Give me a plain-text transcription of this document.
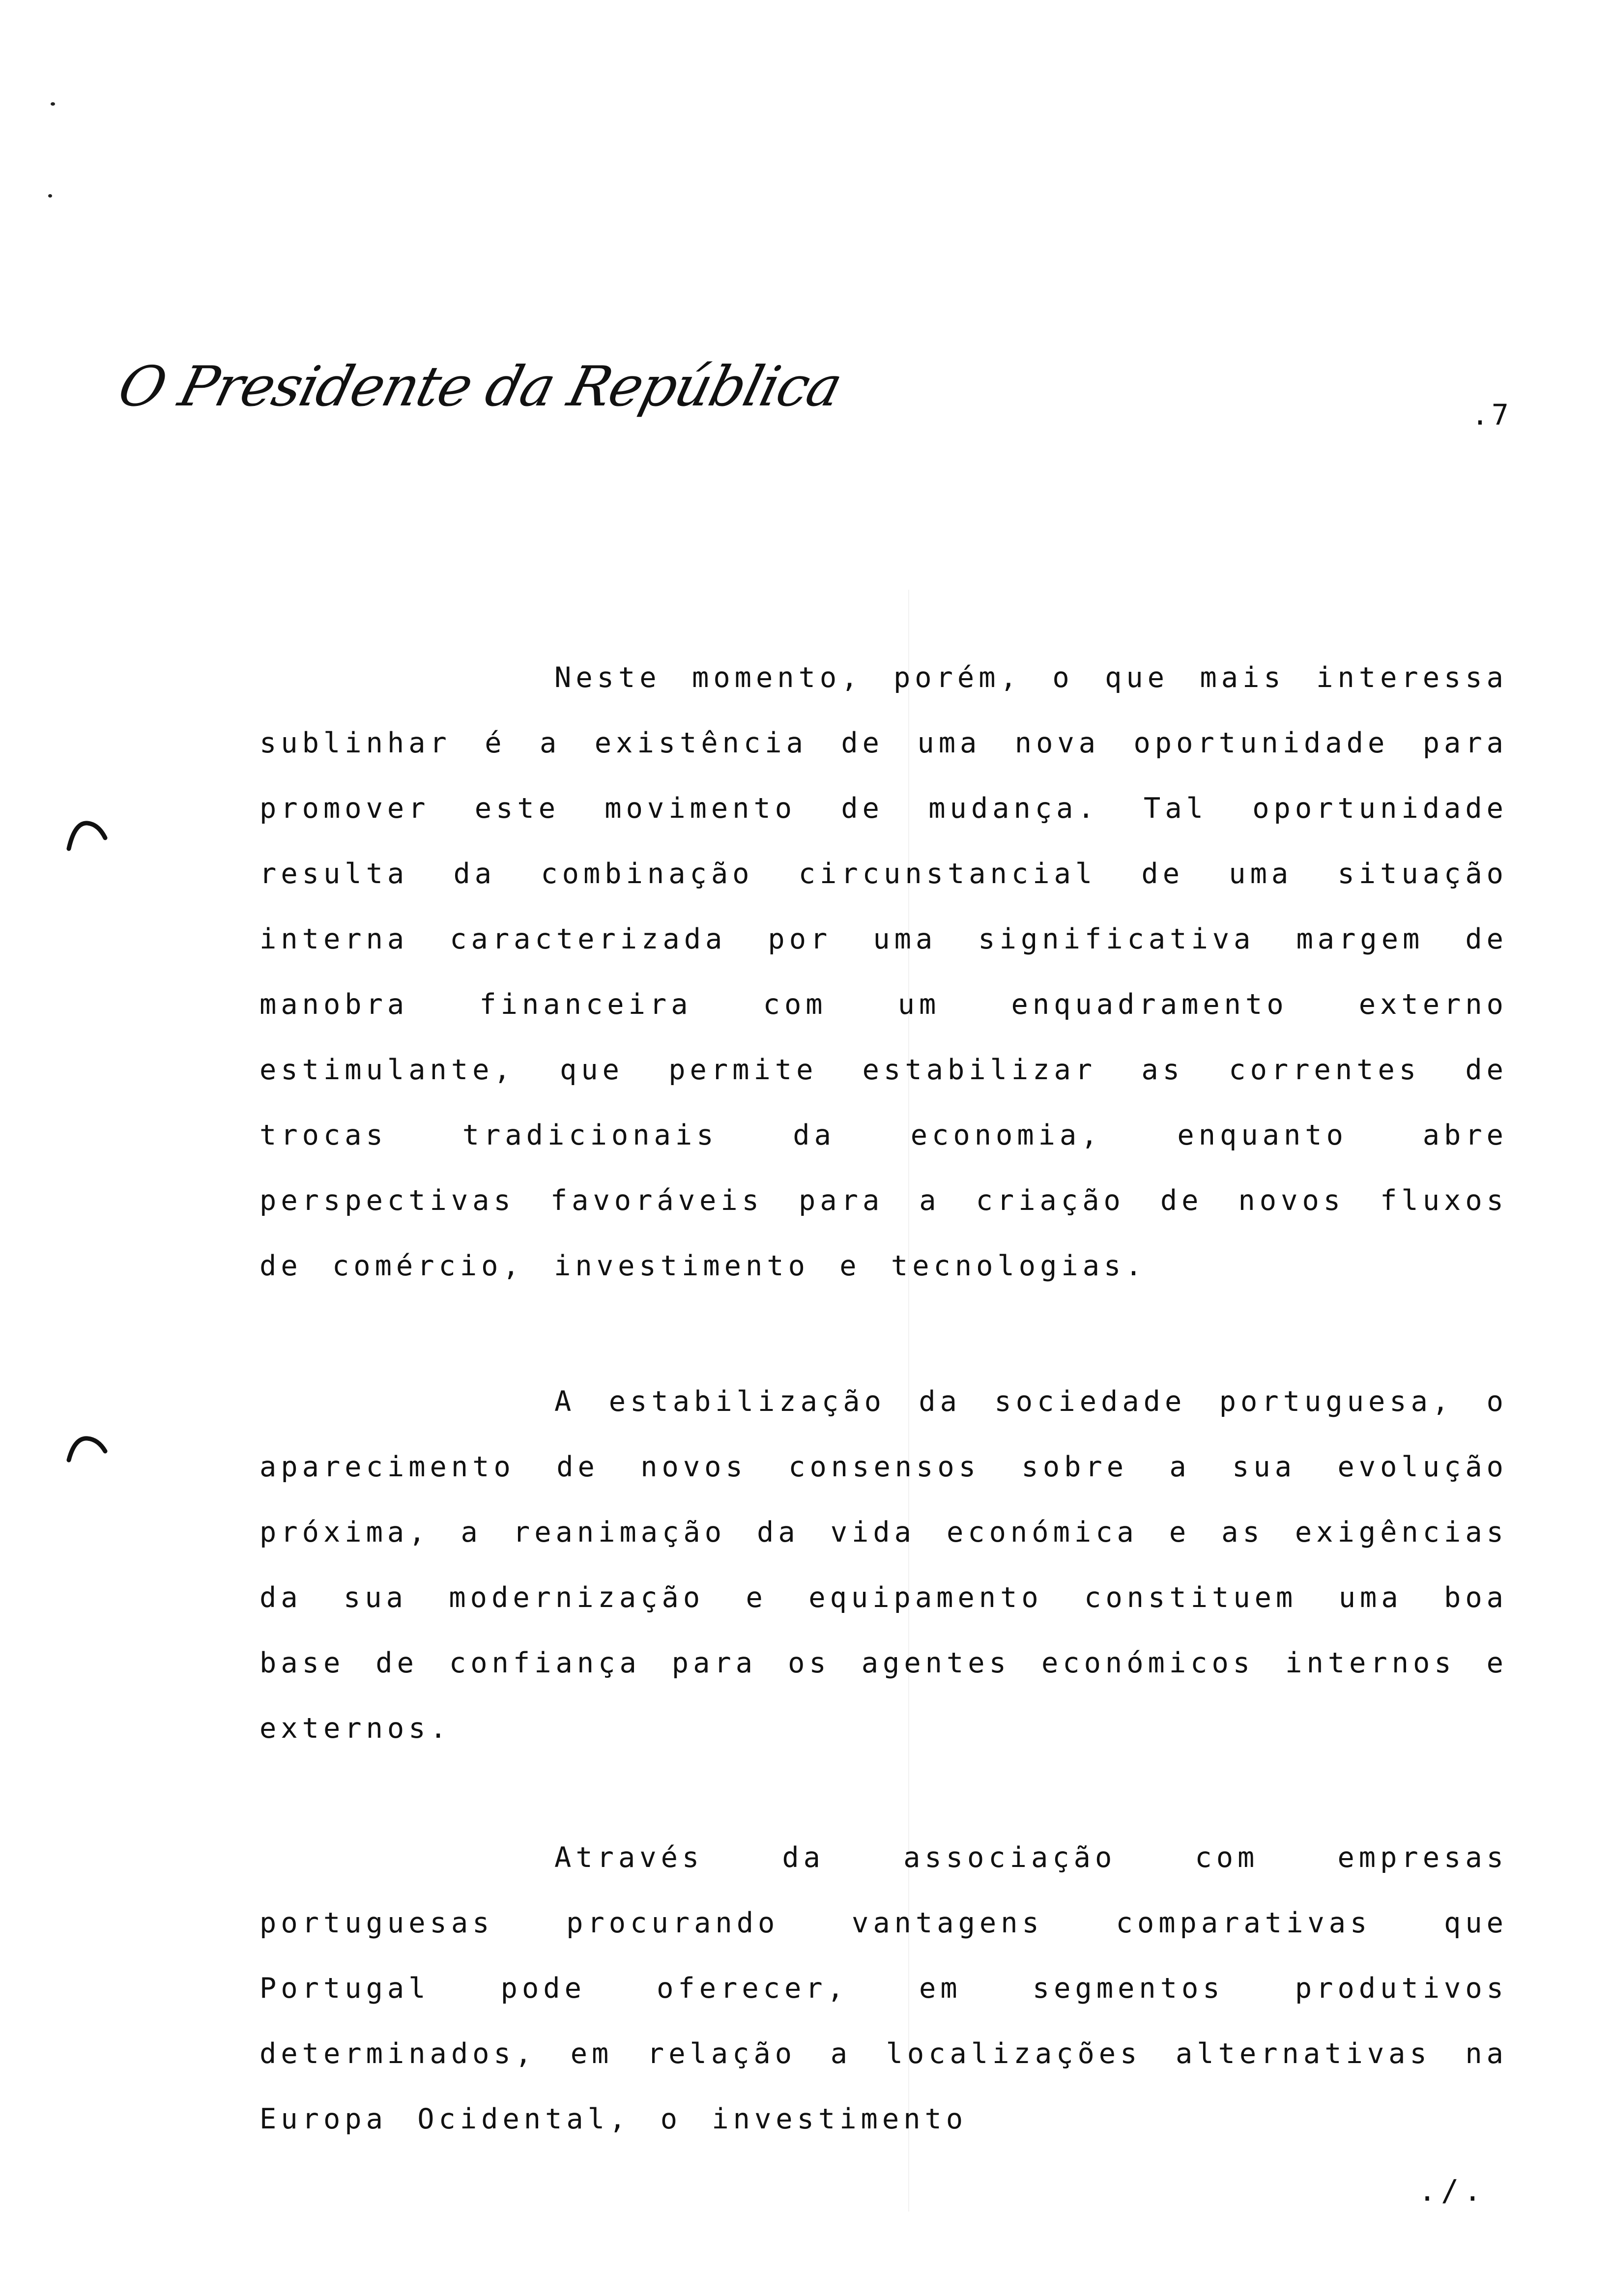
O Presidente da República	.7

Neste momento, porém, o que mais interessa sublinhar é a existência de uma nova oportunidade para promover este movimento de mudança. Tal oportunidade resulta da combinação circunstancial de uma situação interna caracterizada por uma significativa margem de manobra financeira com um enquadramento externo estimulante, que permite estabilizar as correntes de trocas tradicionais da economia, enquanto abre perspectivas favoráveis para a criação de novos fluxos de comércio, investimento e tecnologias.

A estabilização da sociedade portuguesa, o aparecimento de novos consensos sobre a sua evolução próxima, a reanimação da vida económica e as exigências da sua modernização e equipamento constituem uma boa base de confiança para os agentes económicos internos e externos.

Através da associação com empresas portuguesas procurando vantagens comparativas que Portugal pode oferecer, em segmentos produtivos determinados, em relação a localizações alternativas na Europa Ocidental, o investimento

./.
